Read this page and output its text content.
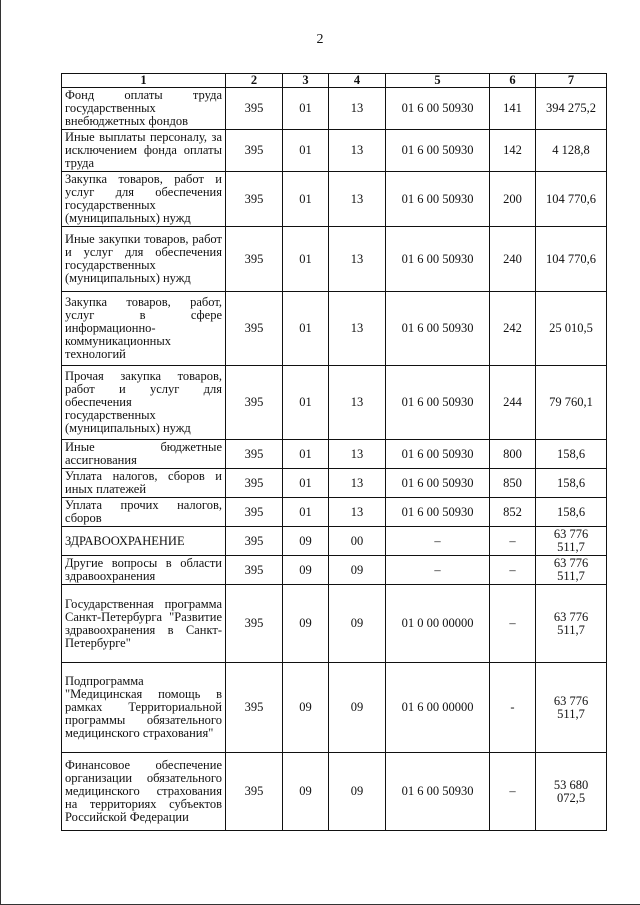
2
1	2	3	4	5	6	7
Фонд оплаты труда государственных внебюджетных фондов	395	01	13	01 6 00 50930	141	394 275,2
Иные выплаты персоналу, за исключением фонда оплаты труда	395	01	13	01 6 00 50930	142	4 128,8
Закупка товаров, работ и услуг для обеспечения государственных (муниципальных) нужд	395	01	13	01 6 00 50930	200	104 770,6
Иные закупки товаров, работ и услуг для обеспечения государственных (муниципальных) нужд	395	01	13	01 6 00 50930	240	104 770,6
Закупка товаров, работ, услуг в сфере информационно-коммуникационных технологий	395	01	13	01 6 00 50930	242	25 010,5
Прочая закупка товаров, работ и услуг для обеспечения государственных (муниципальных) нужд	395	01	13	01 6 00 50930	244	79 760,1
Иные бюджетные ассигнования	395	01	13	01 6 00 50930	800	158,6
Уплата налогов, сборов и иных платежей	395	01	13	01 6 00 50930	850	158,6
Уплата прочих налогов, сборов	395	01	13	01 6 00 50930	852	158,6
ЗДРАВООХРАНЕНИЕ	395	09	00	–	–	63 776 511,7
Другие вопросы в области здравоохранения	395	09	09	–	–	63 776 511,7
Государственная программа Санкт-Петербурга "Развитие здравоохранения в Санкт-Петербурге"	395	09	09	01 0 00 00000	–	63 776 511,7
Подпрограмма "Медицинская помощь в рамках Территориальной программы обязательного медицинского страхования"	395	09	09	01 6 00 00000	-	63 776 511,7
Финансовое обеспечение организации обязательного медицинского страхования на территориях субъектов Российской Федерации	395	09	09	01 6 00 50930	–	53 680 072,5
